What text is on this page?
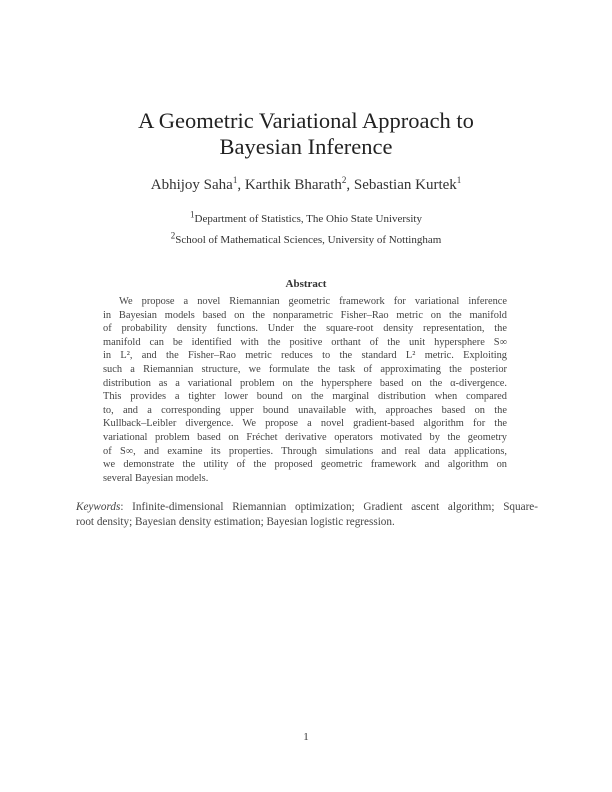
A Geometric Variational Approach to
Bayesian Inference
Abhijoy Saha$^1$, Karthik Bharath$^2$, Sebastian Kurtek$^1$
$^1$Department of Statistics, The Ohio State University
$^2$School of Mathematical Sciences, University of Nottingham
Abstract
We propose a novel Riemannian geometric framework for variational inference
in Bayesian models based on the nonparametric Fisher–Rao metric on the manifold
of probability density functions. Under the square-root density representation, the
manifold can be identified with the positive orthant of the unit hypersphere S∞
in L², and the Fisher–Rao metric reduces to the standard L² metric. Exploiting
such a Riemannian structure, we formulate the task of approximating the posterior
distribution as a variational problem on the hypersphere based on the α-divergence.
This provides a tighter lower bound on the marginal distribution when compared
to, and a corresponding upper bound unavailable with, approaches based on the
Kullback–Leibler divergence. We propose a novel gradient-based algorithm for the
variational problem based on Fréchet derivative operators motivated by the geometry
of S∞, and examine its properties. Through simulations and real data applications,
we demonstrate the utility of the proposed geometric framework and algorithm on
several Bayesian models.
Keywords: Infinite-dimensional Riemannian optimization; Gradient ascent algorithm; Square-
root density; Bayesian density estimation; Bayesian logistic regression.
1
